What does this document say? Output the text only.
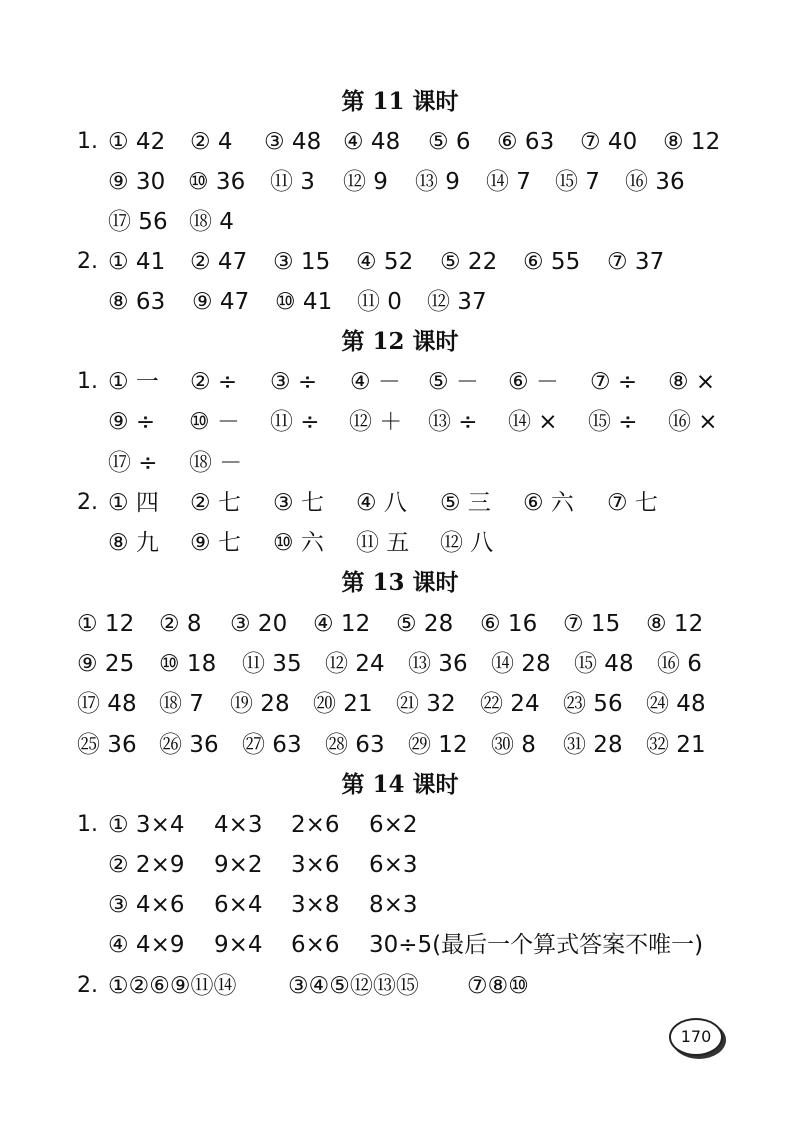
第 11 课时
1. ① 42 ② 4 ③ 48 ④ 48 ⑤ 6 ⑥ 63 ⑦ 40 ⑧ 12
⑨ 30 ⑩ 36 ⑪ 3 ⑫ 9 ⑬ 9 ⑭ 7 ⑮ 7 ⑯ 36
⑰ 56 ⑱ 4
2. ① 41 ② 47 ③ 15 ④ 52 ⑤ 22 ⑥ 55 ⑦ 37
⑧ 63 ⑨ 47 ⑩ 41 ⑪ 0 ⑫ 37
第 12 课时
1. ① 一 ② ÷ ③ ÷ ④ － ⑤ － ⑥ － ⑦ ÷ ⑧ ×
⑨ ÷ ⑩ － ⑪ ÷ ⑫ ＋ ⑬ ÷ ⑭ × ⑮ ÷ ⑯ ×
⑰ ÷ ⑱ －
2. ① 四 ② 七 ③ 七 ④ 八 ⑤ 三 ⑥ 六 ⑦ 七
⑧ 九 ⑨ 七 ⑩ 六 ⑪ 五 ⑫ 八
第 13 课时
① 12 ② 8 ③ 20 ④ 12 ⑤ 28 ⑥ 16 ⑦ 15 ⑧ 12
⑨ 25 ⑩ 18 ⑪ 35 ⑫ 24 ⑬ 36 ⑭ 28 ⑮ 48 ⑯ 6
⑰ 48 ⑱ 7 ⑲ 28 ⑳ 21 ㉑ 32 ㉒ 24 ㉓ 56 ㉔ 48
㉕ 36 ㉖ 36 ㉗ 63 ㉘ 63 ㉙ 12 ㉚ 8 ㉛ 28 ㉜ 21
第 14 课时
1. ① 3×4 4×3 2×6 6×2
② 2×9 9×2 3×6 6×3
③ 4×6 6×4 3×8 8×3
④ 4×9 9×4 6×6 30÷5(最后一个算式答案不唯一)
2. ①②⑥⑨⑪⑭ ③④⑤⑫⑬⑮ ⑦⑧⑩
170
